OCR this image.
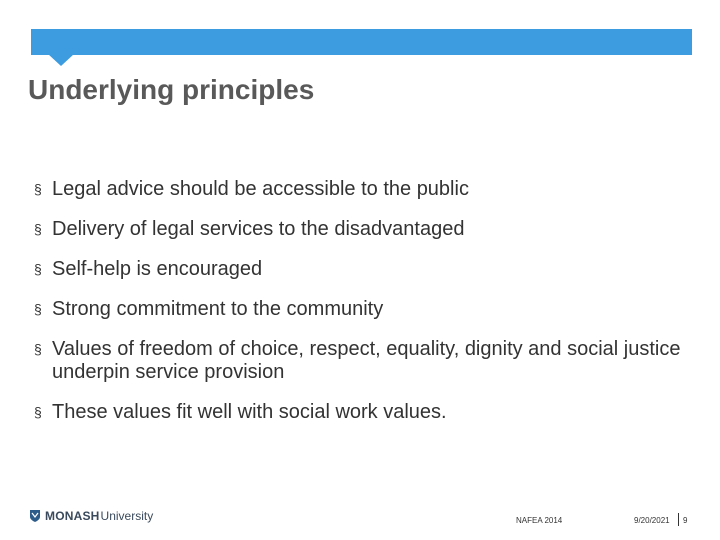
Underlying principles
§ Legal advice should be accessible to the public
§ Delivery of legal services to the disadvantaged
§ Self-help is encouraged
§ Strong commitment to the community
§ Values of freedom of choice, respect, equality, dignity and social justice underpin service provision
§ These values fit well with social work values.
MONASH University	NAFEA 2014	9/20/2021 9
